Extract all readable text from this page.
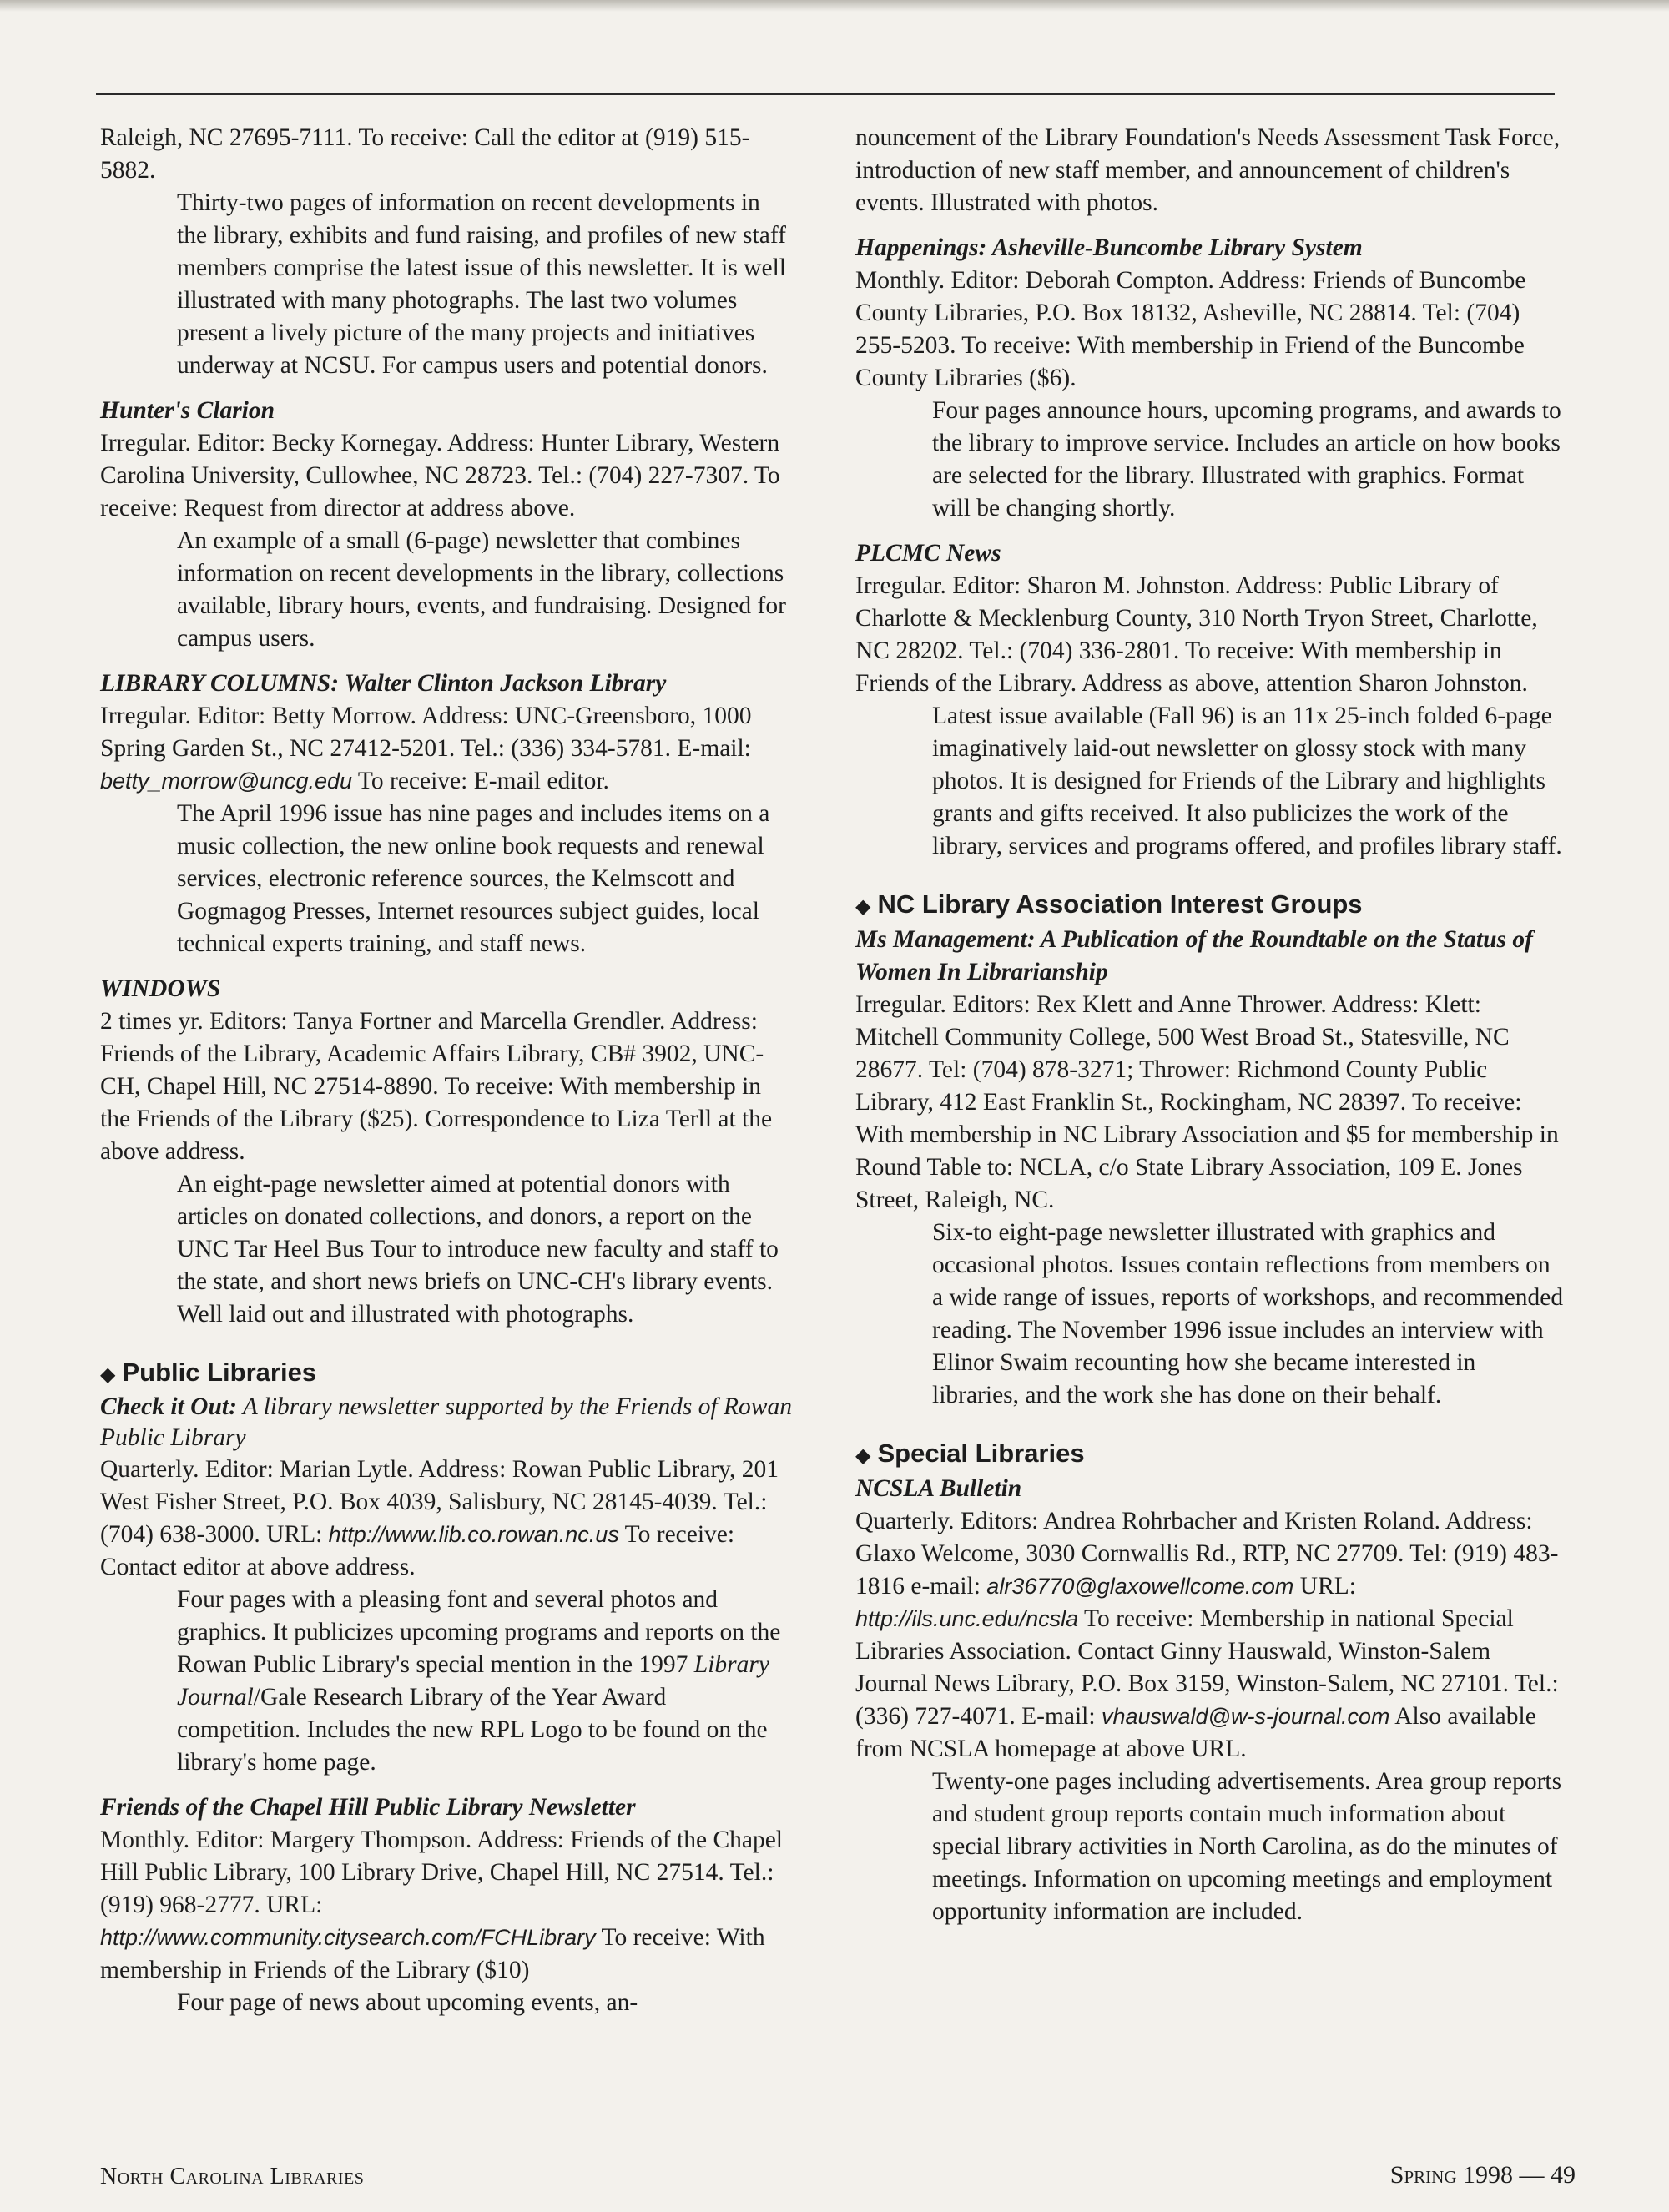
Raleigh, NC 27695-7111. To receive: Call the editor at (919) 515-5882.

Thirty-two pages of information on recent developments in the library, exhibits and fund raising, and profiles of new staff members comprise the latest issue of this newsletter. It is well illustrated with many photographs. The last two volumes present a lively picture of the many projects and initiatives underway at NCSU. For campus users and potential donors.

Hunter's Clarion

Irregular. Editor: Becky Kornegay. Address: Hunter Library, Western Carolina University, Cullowhee, NC 28723. Tel.: (704) 227-7307. To receive: Request from director at address above.

An example of a small (6-page) newsletter that combines information on recent developments in the library, collections available, library hours, events, and fundraising. Designed for campus users.

LIBRARY COLUMNS: Walter Clinton Jackson Library

Irregular. Editor: Betty Morrow. Address: UNC-Greensboro, 1000 Spring Garden St., NC 27412-5201. Tel.: (336) 334-5781. E-mail: betty_morrow@uncg.edu To receive: E-mail editor.

The April 1996 issue has nine pages and includes items on a music collection, the new online book requests and renewal services, electronic reference sources, the Kelmscott and Gogmagog Presses, Internet resources subject guides, local technical experts training, and staff news.

WINDOWS

2 times yr. Editors: Tanya Fortner and Marcella Grendler. Address: Friends of the Library, Academic Affairs Library, CB# 3902, UNC-CH, Chapel Hill, NC 27514-8890. To receive: With membership in the Friends of the Library ($25). Correspondence to Liza Terll at the above address.

An eight-page newsletter aimed at potential donors with articles on donated collections, and donors, a report on the UNC Tar Heel Bus Tour to introduce new faculty and staff to the state, and short news briefs on UNC-CH's library events. Well laid out and illustrated with photographs.

◆ Public Libraries

Check it Out: A library newsletter supported by the Friends of Rowan Public Library

Quarterly. Editor: Marian Lytle. Address: Rowan Public Library, 201 West Fisher Street, P.O. Box 4039, Salisbury, NC 28145-4039. Tel.: (704) 638-3000. URL: http://www.lib.co.rowan.nc.us To receive: Contact editor at above address.

Four pages with a pleasing font and several photos and graphics. It publicizes upcoming programs and reports on the Rowan Public Library's special mention in the 1997 Library Journal/Gale Research Library of the Year Award competition. Includes the new RPL Logo to be found on the library's home page.

Friends of the Chapel Hill Public Library Newsletter

Monthly. Editor: Margery Thompson. Address: Friends of the Chapel Hill Public Library, 100 Library Drive, Chapel Hill, NC 27514. Tel.: (919) 968-2777. URL: http://www.community.citysearch.com/FCHLibrary To receive: With membership in Friends of the Library ($10)

Four page of news about upcoming events, an-

nouncement of the Library Foundation's Needs Assessment Task Force, introduction of new staff member, and announcement of children's events. Illustrated with photos.

Happenings: Asheville-Buncombe Library System

Monthly. Editor: Deborah Compton. Address: Friends of Buncombe County Libraries, P.O. Box 18132, Asheville, NC 28814. Tel: (704) 255-5203. To receive: With membership in Friend of the Buncombe County Libraries ($6).

Four pages announce hours, upcoming programs, and awards to the library to improve service. Includes an article on how books are selected for the library. Illustrated with graphics. Format will be changing shortly.

PLCMC News

Irregular. Editor: Sharon M. Johnston. Address: Public Library of Charlotte & Mecklenburg County, 310 North Tryon Street, Charlotte, NC 28202. Tel.: (704) 336-2801. To receive: With membership in Friends of the Library. Address as above, attention Sharon Johnston.

Latest issue available (Fall 96) is an 11x 25-inch folded 6-page imaginatively laid-out newsletter on glossy stock with many photos. It is designed for Friends of the Library and highlights grants and gifts received. It also publicizes the work of the library, services and programs offered, and profiles library staff.

◆ NC Library Association Interest Groups

Ms Management: A Publication of the Roundtable on the Status of Women In Librarianship

Irregular. Editors: Rex Klett and Anne Thrower. Address: Klett: Mitchell Community College, 500 West Broad St., Statesville, NC 28677. Tel: (704) 878-3271; Thrower: Richmond County Public Library, 412 East Franklin St., Rockingham, NC 28397. To receive: With membership in NC Library Association and $5 for membership in Round Table to: NCLA, c/o State Library Association, 109 E. Jones Street, Raleigh, NC.

Six-to eight-page newsletter illustrated with graphics and occasional photos. Issues contain reflections from members on a wide range of issues, reports of workshops, and recommended reading. The November 1996 issue includes an interview with Elinor Swaim recounting how she became interested in libraries, and the work she has done on their behalf.

◆ Special Libraries

NCSLA Bulletin

Quarterly. Editors: Andrea Rohrbacher and Kristen Roland. Address: Glaxo Welcome, 3030 Cornwallis Rd., RTP, NC 27709. Tel: (919) 483-1816 e-mail: alr36770@glaxowellcome.com URL: http://ils.unc.edu/ncsla To receive: Membership in national Special Libraries Association. Contact Ginny Hauswald, Winston-Salem Journal News Library, P.O. Box 3159, Winston-Salem, NC 27101. Tel.: (336) 727-4071. E-mail: vhauswald@w-s-journal.com Also available from NCSLA homepage at above URL.

Twenty-one pages including advertisements. Area group reports and student group reports contain much information about special library activities in North Carolina, as do the minutes of meetings. Information on upcoming meetings and employment opportunity information are included.

North Carolina Libraries	Spring 1998 — 49
